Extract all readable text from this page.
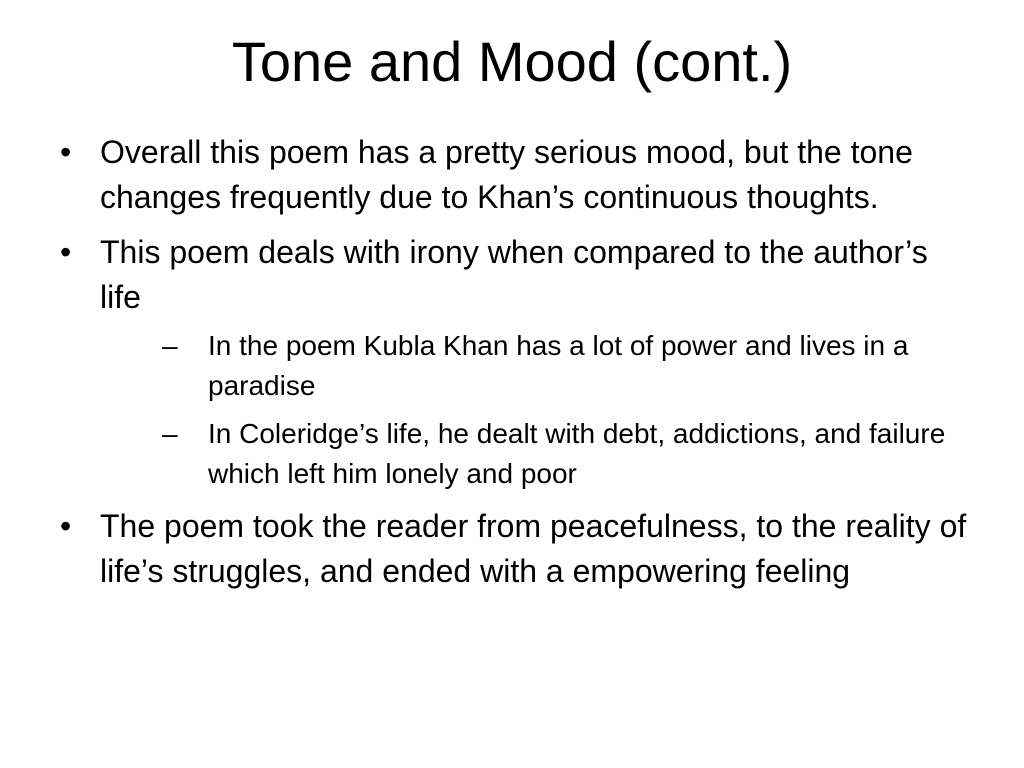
Tone and Mood (cont.)
• Overall this poem has a pretty serious mood, but the tone changes frequently due to Khan’s continuous thoughts.
• This poem deals with irony when compared to the author’s life
– In the poem Kubla Khan has a lot of power and lives in a paradise
– In Coleridge’s life, he dealt with debt, addictions, and failure which left him lonely and poor
• The poem took the reader from peacefulness, to the reality of life’s struggles, and ended with a empowering feeling
